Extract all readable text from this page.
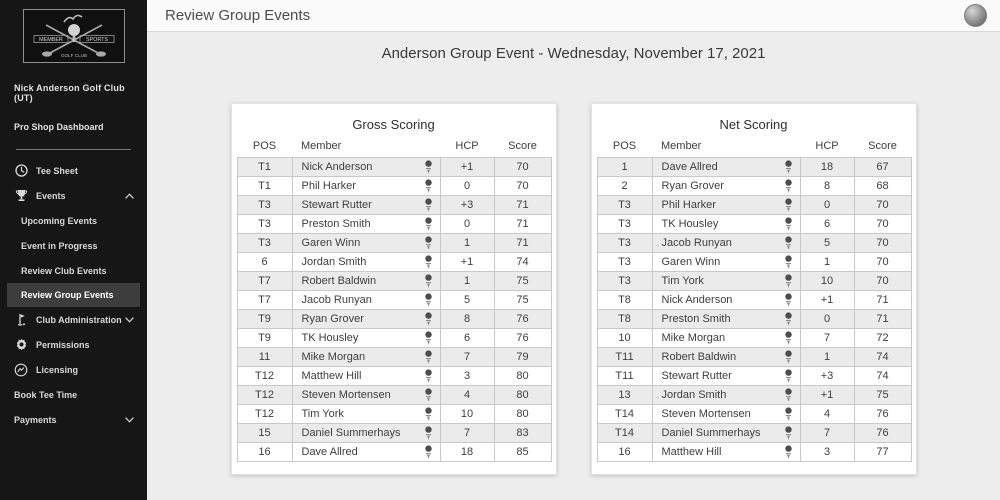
MEMBER	SPORTS
GOLF CLUB
Nick Anderson Golf Club (UT)
Pro Shop Dashboard
Tee Sheet
Events
Upcoming Events
Event in Progress
Review Club Events
Review Group Events
Club Administration
Permissions
Licensing
Book Tee Time
Payments
Review Group Events
Anderson Group Event - Wednesday, November 17, 2021
Gross Scoring
POS	Member	HCP	Score
T1	Nick Anderson	+1	70
T1	Phil Harker	0	70
T3	Stewart Rutter	+3	71
T3	Preston Smith	0	71
T3	Garen Winn	1	71
6	Jordan Smith	+1	74
T7	Robert Baldwin	1	75
T7	Jacob Runyan	5	75
T9	Ryan Grover	8	76
T9	TK Housley	6	76
11	Mike Morgan	7	79
T12	Matthew Hill	3	80
T12	Steven Mortensen	4	80
T12	Tim York	10	80
15	Daniel Summerhays	7	83
16	Dave Allred	18	85
Net Scoring
POS	Member	HCP	Score
1	Dave Allred	18	67
2	Ryan Grover	8	68
T3	Phil Harker	0	70
T3	TK Housley	6	70
T3	Jacob Runyan	5	70
T3	Garen Winn	1	70
T3	Tim York	10	70
T8	Nick Anderson	+1	71
T8	Preston Smith	0	71
10	Mike Morgan	7	72
T11	Robert Baldwin	1	74
T11	Stewart Rutter	+3	74
13	Jordan Smith	+1	75
T14	Steven Mortensen	4	76
T14	Daniel Summerhays	7	76
16	Matthew Hill	3	77
